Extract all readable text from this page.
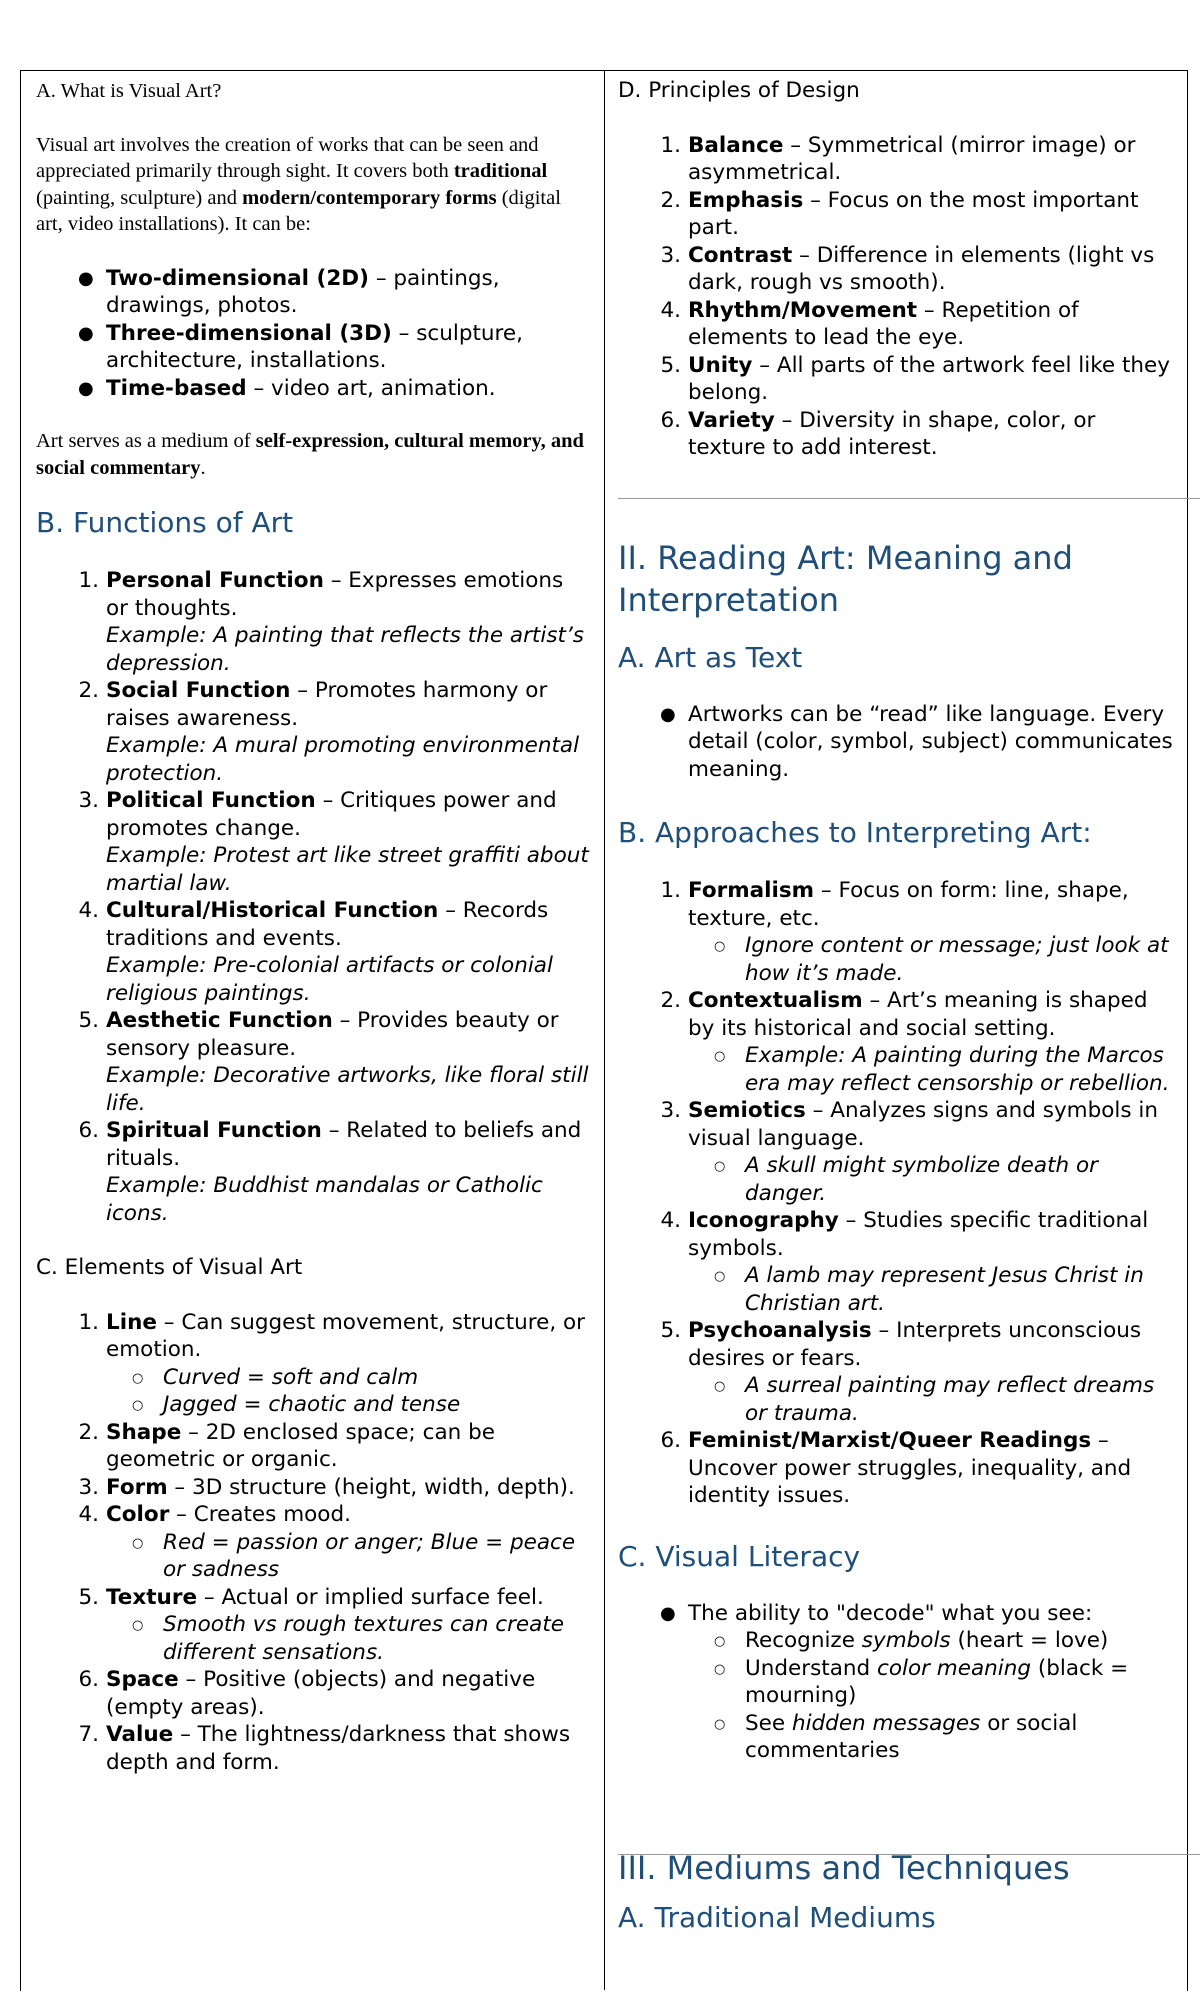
A. What is Visual Art?

Visual art involves the creation of works that can be seen and appreciated primarily through sight. It covers both traditional (painting, sculpture) and modern/contemporary forms (digital art, video installations). It can be:

● Two-dimensional (2D) – paintings, drawings, photos.
● Three-dimensional (3D) – sculpture, architecture, installations.
● Time-based – video art, animation.

Art serves as a medium of self-expression, cultural memory, and social commentary.

B. Functions of Art
1. Personal Function – Expresses emotions or thoughts.
Example: A painting that reflects the artist’s depression.
2. Social Function – Promotes harmony or raises awareness.
Example: A mural promoting environmental protection.
3. Political Function – Critiques power and promotes change.
Example: Protest art like street graffiti about martial law.
4. Cultural/Historical Function – Records traditions and events.
Example: Pre-colonial artifacts or colonial religious paintings.
5. Aesthetic Function – Provides beauty or sensory pleasure.
Example: Decorative artworks, like floral still life.
6. Spiritual Function – Related to beliefs and rituals.
Example: Buddhist mandalas or Catholic icons.

C. Elements of Visual Art

1. Line – Can suggest movement, structure, or emotion.
○ Curved = soft and calm
○ Jagged = chaotic and tense
2. Shape – 2D enclosed space; can be geometric or organic.
3. Form – 3D structure (height, width, depth).
4. Color – Creates mood.
○ Red = passion or anger; Blue = peace or sadness
5. Texture – Actual or implied surface feel.
○ Smooth vs rough textures can create different sensations.
6. Space – Positive (objects) and negative (empty areas).
7. Value – The lightness/darkness that shows depth and form.

D. Principles of Design

1. Balance – Symmetrical (mirror image) or asymmetrical.
2. Emphasis – Focus on the most important part.
3. Contrast – Difference in elements (light vs dark, rough vs smooth).
4. Rhythm/Movement – Repetition of elements to lead the eye.
5. Unity – All parts of the artwork feel like they belong.
6. Variety – Diversity in shape, color, or texture to add interest.
II. Reading Art: Meaning and Interpretation
A. Art as Text
● Artworks can be “read” like language. Every detail (color, symbol, subject) communicates meaning.
B. Approaches to Interpreting Art:
1. Formalism – Focus on form: line, shape, texture, etc.
○ Ignore content or message; just look at how it’s made.
2. Contextualism – Art’s meaning is shaped by its historical and social setting.
○ Example: A painting during the Marcos era may reflect censorship or rebellion.
3. Semiotics – Analyzes signs and symbols in visual language.
○ A skull might symbolize death or danger.
4. Iconography – Studies specific traditional symbols.
○ A lamb may represent Jesus Christ in Christian art.
5. Psychoanalysis – Interprets unconscious desires or fears.
○ A surreal painting may reflect dreams or trauma.
6. Feminist/Marxist/Queer Readings – Uncover power struggles, inequality, and identity issues.
C. Visual Literacy
● The ability to "decode" what you see:
○ Recognize symbols (heart = love)
○ Understand color meaning (black = mourning)
○ See hidden messages or social commentaries
III. Mediums and Techniques
A. Traditional Mediums
